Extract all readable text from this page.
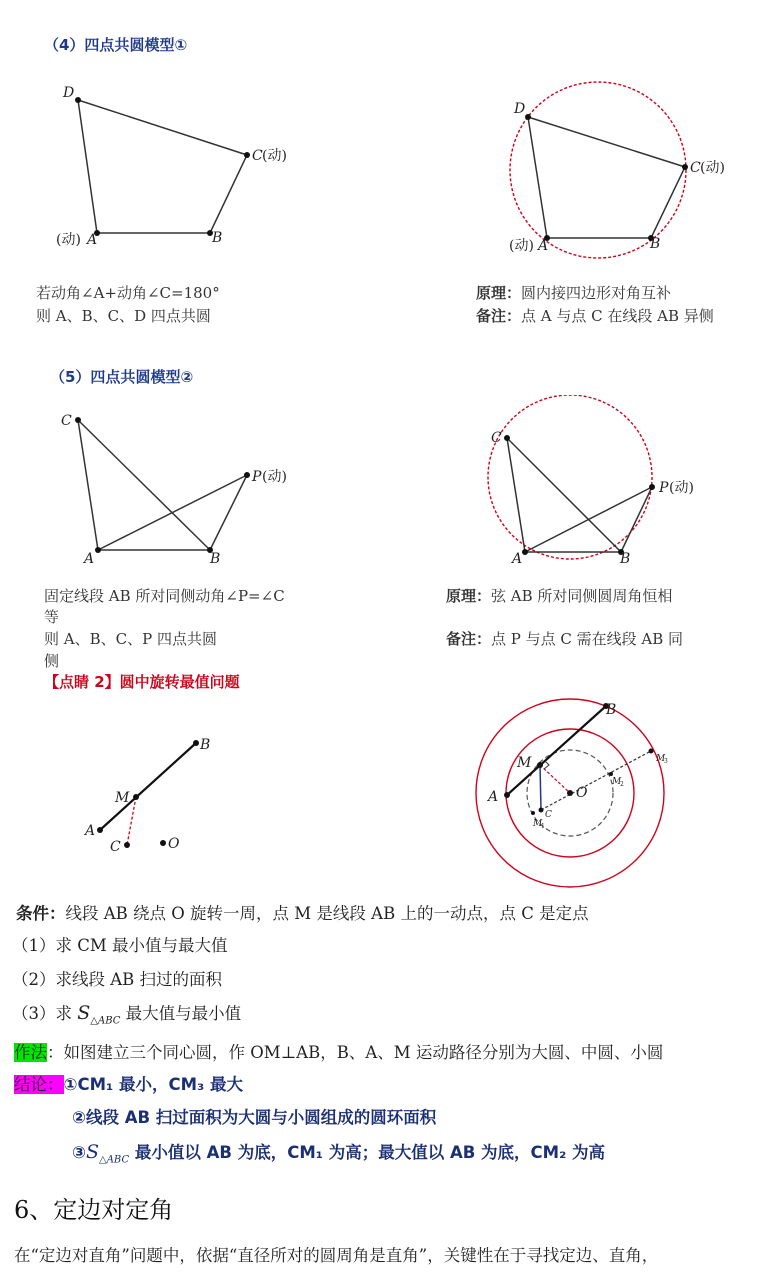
（4）四点共圆模型①
D
C (动)
(动) A	B
D
C (动)
(动) A	B
若动角∠A+动角∠C=180°
则 A、B、C、D 四点共圆
原理：圆内接四边形对角互补
备注：点 A 与点 C 在线段 AB 异侧
（5）四点共圆模型②
C
P (动)
A	B
C
P (动)
A	B
固定线段 AB 所对同侧动角∠P=∠C
等
则 A、B、C、P 四点共圆
侧
原理：弦 AB 所对同侧圆周角恒相
备注：点 P 与点 C 需在线段 AB 同
【点睛 2】圆中旋转最值问题
A
B
M
C	O
A
B
M
O
C
M
1
M
2
M
3
条件：线段 AB 绕点 O 旋转一周，点 M 是线段 AB 上的一动点，点 C 是定点
（1）求 CM 最小值与最大值
（2）求线段 AB 扫过的面积
（3）求 $S_{\triangle ABC}$ 最大值与最小值
作法：如图建立三个同心圆，作 OM⊥AB，B、A、M 运动路径分别为大圆、中圆、小圆
结论：①CM₁ 最小，CM₃ 最大
②线段 AB 扫过面积为大圆与小圆组成的圆环面积
$③S_{\triangle ABC}$ 最小值以 AB 为底，CM₁ 为高；最大值以 AB 为底，CM₂ 为高
6、定边对定角
在“定边对直角”问题中，依据“直径所对的圆周角是直角”，关键性在于寻找定边、直角，
